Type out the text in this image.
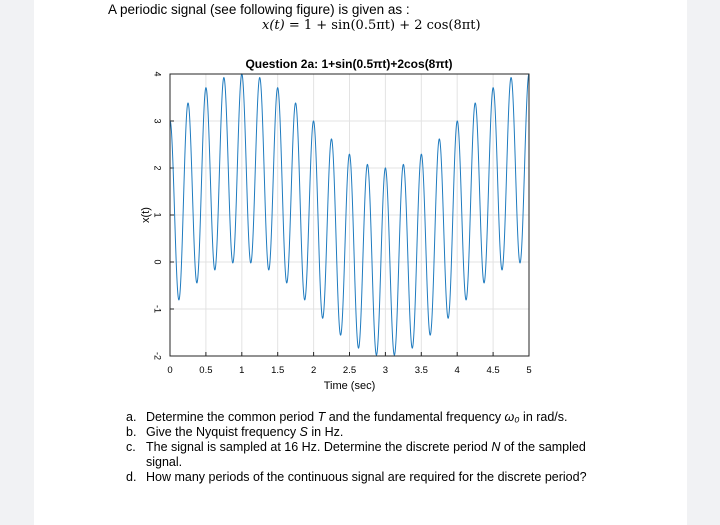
A periodic signal (see following figure) is given as :
x(t) = 1 + sin(0.5πt) + 2 cos(8πt)
Question 2a: 1+sin(0.5πt)+2cos(8πt)
-2
-1
0
1
2
3
4
0	0.5	1	1.5	2	2.5	3	3.5	4	4.5	5
Time (sec)
x(t)

a. Determine the common period T and the fundamental frequency ω₀ in rad/s.

b. Give the Nyquist frequency S in Hz.

c. The signal is sampled at 16 Hz. Determine the discrete period N of the sampled signal.

d. How many periods of the continuous signal are required for the discrete period?
